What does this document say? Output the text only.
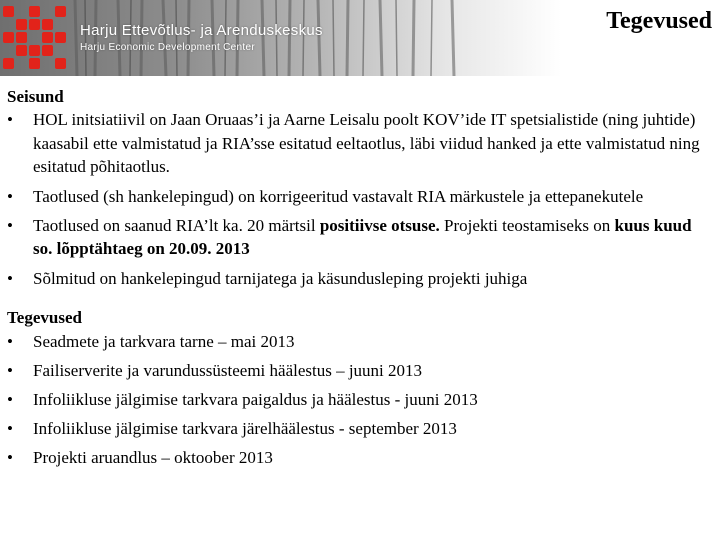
Harju Ettevõtlus- ja Arenduskeskus
Harju Economic Development Center
Tegevused

Seisund

•	HOL initsiatiivil on Jaan Oruaas’i ja Aarne Leisalu poolt KOV’ide IT spetsialistide (ning juhtide) kaasabil ette valmistatud ja RIA’sse esitatud eeltaotlus, läbi viidud hanked ja ette valmistatud ning esitatud põhitaotlus.
•	Taotlused (sh hankelepingud) on korrigeeritud vastavalt RIA märkustele ja ettepanekutele
•	Taotlused on saanud RIA’lt ka. 20 märtsil positiivse otsuse. Projekti teostamiseks on kuus kuud so. lõpptähtaeg on 20.09. 2013
•	Sõlmitud on hankelepingud tarnijatega ja käsundusleping projekti juhiga

Tegevused

•	Seadmete ja tarkvara tarne – mai 2013
•	Failiserverite ja varundussüsteemi häälestus – juuni 2013
•	Infoliikluse jälgimise tarkvara paigaldus ja häälestus - juuni 2013
•	Infoliikluse jälgimise tarkvara järelhäälestus - september 2013
•	Projekti aruandlus – oktoober 2013
